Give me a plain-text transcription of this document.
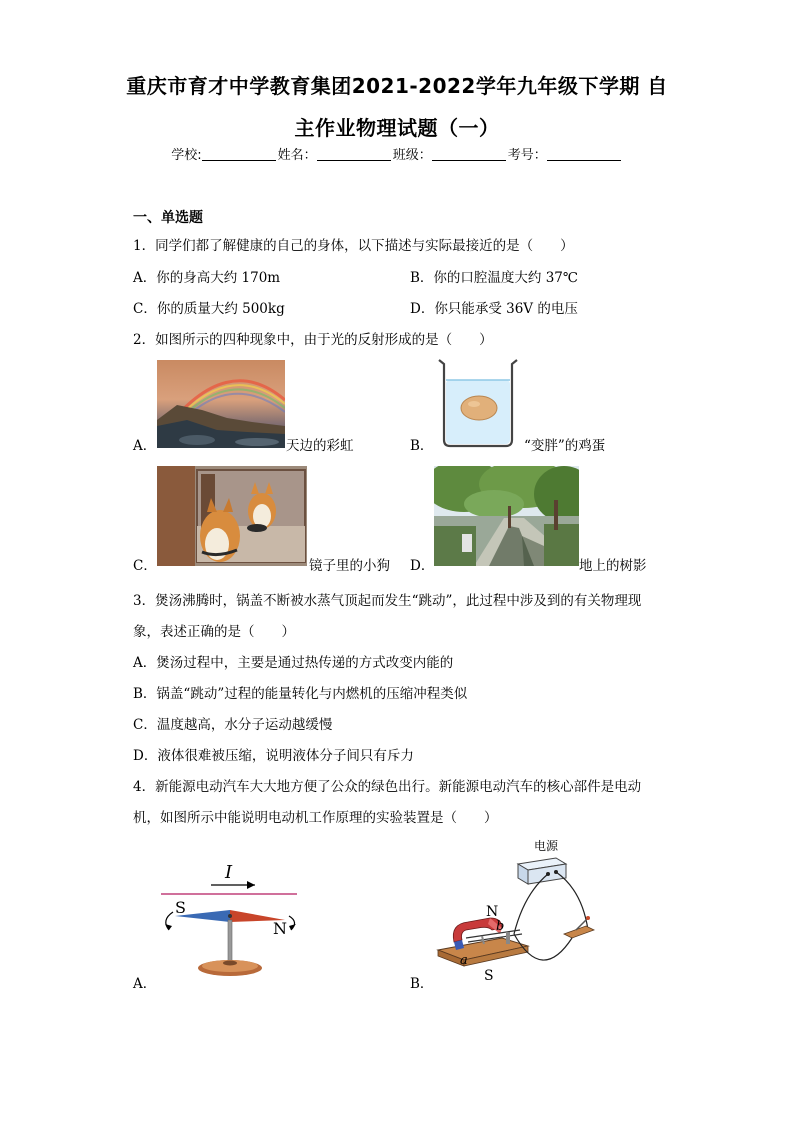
重庆市育才中学教育集团2021-2022学年九年级下学期 自
主作业物理试题（一）
学校:	姓名：	班级：	考号：
一、单选题
1．同学们都了解健康的自己的身体，以下描述与实际最接近的是（　　）
A．你的身高大约 170m	B．你的口腔温度大约 37℃
C．你的质量大约 500kg	D．你只能承受 36V 的电压
2．如图所示的四种现象中，由于光的反射形成的是（　　）
A．	天边的彩虹	B．	“变胖”的鸡蛋
C．	镜子里的小狗 D．	地上的树影
3．煲汤沸腾时，锅盖不断被水蒸气顶起而发生“跳动”，此过程中涉及到的有关物理现
象，表述正确的是（　　）
A．煲汤过程中，主要是通过热传递的方式改变内能的
B．锅盖“跳动”过程的能量转化与内燃机的压缩冲程类似
C．温度越高，水分子运动越缓慢
D．液体很难被压缩，说明液体分子间只有斥力
4．新能源电动汽车大大地方便了公众的绿色出行。新能源电动汽车的核心部件是电动
机，如图所示中能说明电动机工作原理的实验装置是（　　）
A．
I
S
N
B．
电源
N
b
a
S
